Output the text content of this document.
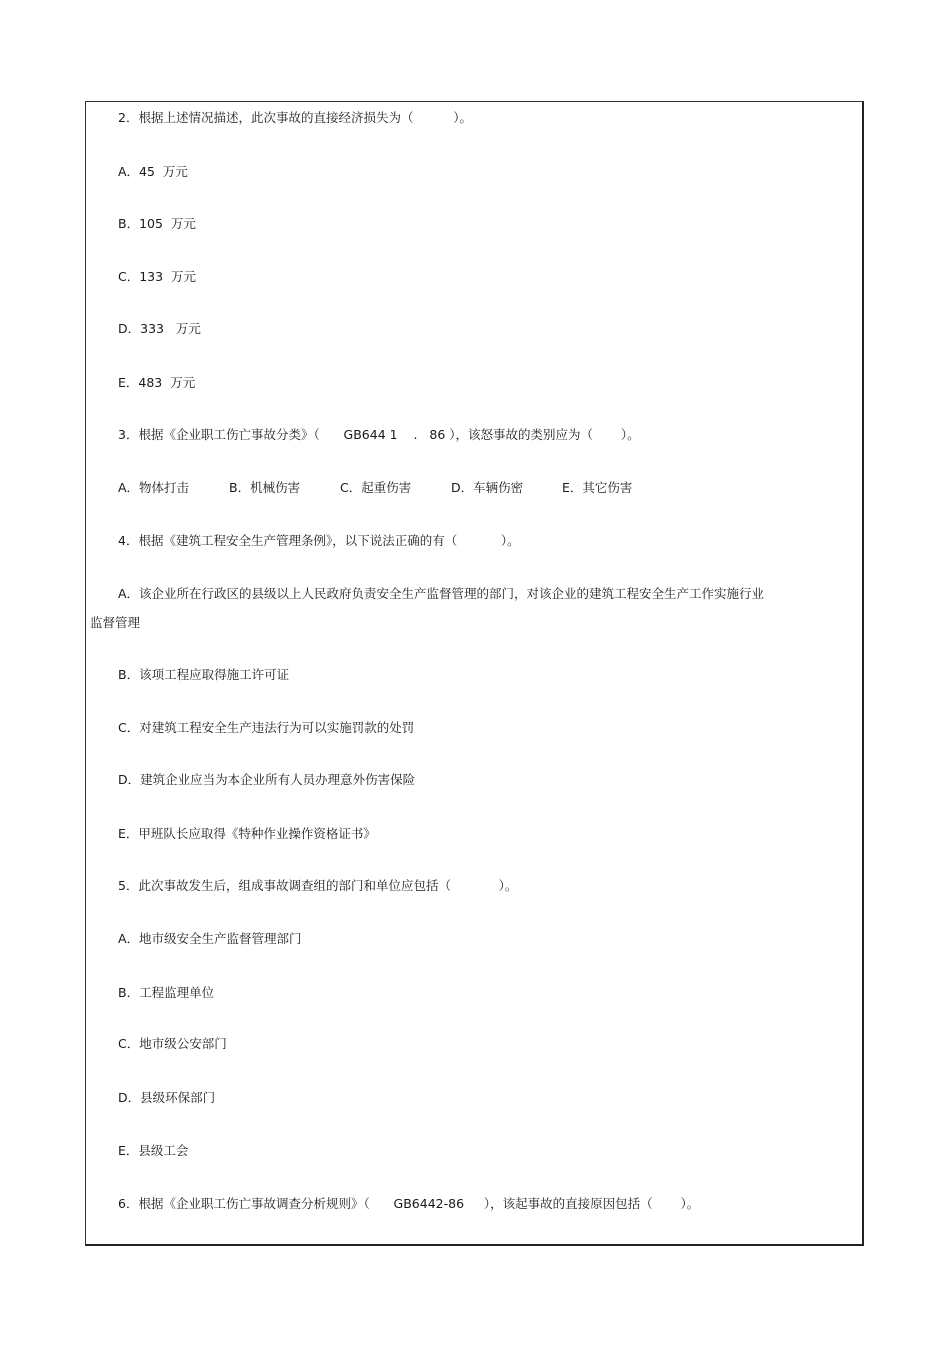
2．根据上述情况描述，此次事故的直接经济损失为（          ）。
A．45  万元
B．105  万元
C．133  万元
D．333   万元
E．483  万元
3．根据《企业职工伤亡事故分类》（      GB644 1    .   86 ），该怒事故的类别应为（       ）。
A．物体打击	B．机械伤害	C．起重伤害	D．车辆伤密	E．其它伤害
4．根据《建筑工程安全生产管理条例》，以下说法正确的有（           ）。
A．该企业所在行政区的县级以上人民政府负责安全生产监督管理的部门，对该企业的建筑工程安全生产工作实施行业
监督管理
B．该项工程应取得施工许可证
C．对建筑工程安全生产违法行为可以实施罚款的处罚
D．建筑企业应当为本企业所有人员办理意外伤害保险
E．甲班队长应取得《特种作业操作资格证书》
5．此次事故发生后，组成事故调查组的部门和单位应包括（            ）。
A．地市级安全生产监督管理部门
B．工程监理单位
C．地市级公安部门
D．县级环保部门
E．县级工会
6．根据《企业职工伤亡事故调查分析规则》（      GB6442-86     ），该起事故的直接原因包括（       ）。
